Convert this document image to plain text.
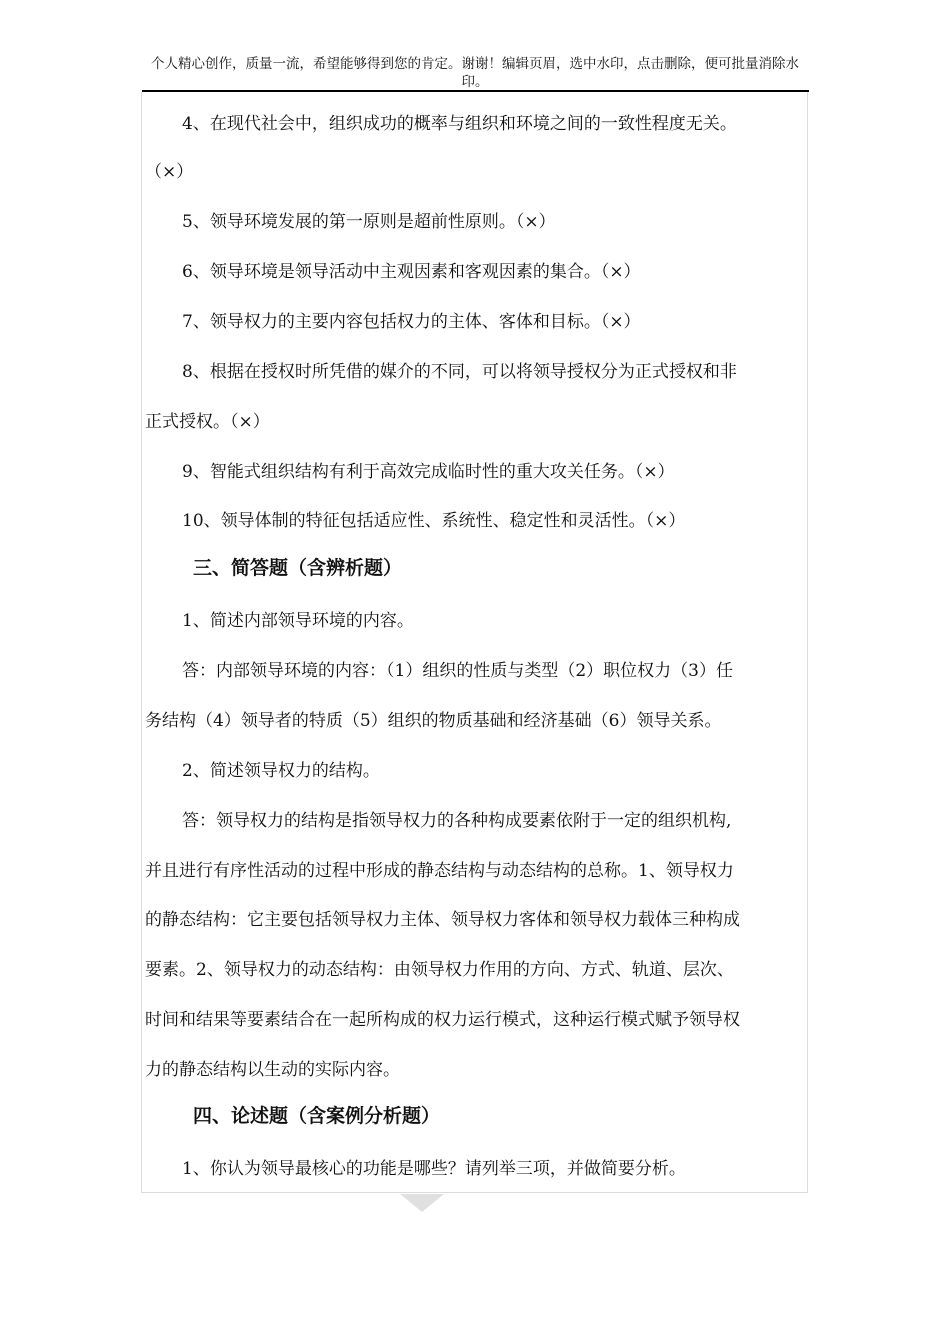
个人精心创作，质量一流，希望能够得到您的肯定。谢谢！编辑页眉，选中水印，点击删除，便可批量消除水印。
4、在现代社会中，组织成功的概率与组织和环境之间的一致性程度无关。
（×）
5、领导环境发展的第一原则是超前性原则。（×）
6、领导环境是领导活动中主观因素和客观因素的集合。（×）
7、领导权力的主要内容包括权力的主体、客体和目标。（×）
8、根据在授权时所凭借的媒介的不同，可以将领导授权分为正式授权和非
正式授权。（×）
9、智能式组织结构有利于高效完成临时性的重大攻关任务。（×）
10、领导体制的特征包括适应性、系统性、稳定性和灵活性。（×）
三、简答题（含辨析题）
1、简述内部领导环境的内容。
答：内部领导环境的内容：（1）组织的性质与类型（2）职位权力（3）任
务结构（4）领导者的特质（5）组织的物质基础和经济基础（6）领导关系。
2、简述领导权力的结构。
答：领导权力的结构是指领导权力的各种构成要素依附于一定的组织机构,
并且进行有序性活动的过程中形成的静态结构与动态结构的总称。1、领导权力
的静态结构：它主要包括领导权力主体、领导权力客体和领导权力载体三种构成
要素。2、领导权力的动态结构：由领导权力作用的方向、方式、轨道、层次、
时间和结果等要素结合在一起所构成的权力运行模式，这种运行模式赋予领导权
力的静态结构以生动的实际内容。
四、论述题（含案例分析题）
1、你认为领导最核心的功能是哪些？请列举三项，并做简要分析。
